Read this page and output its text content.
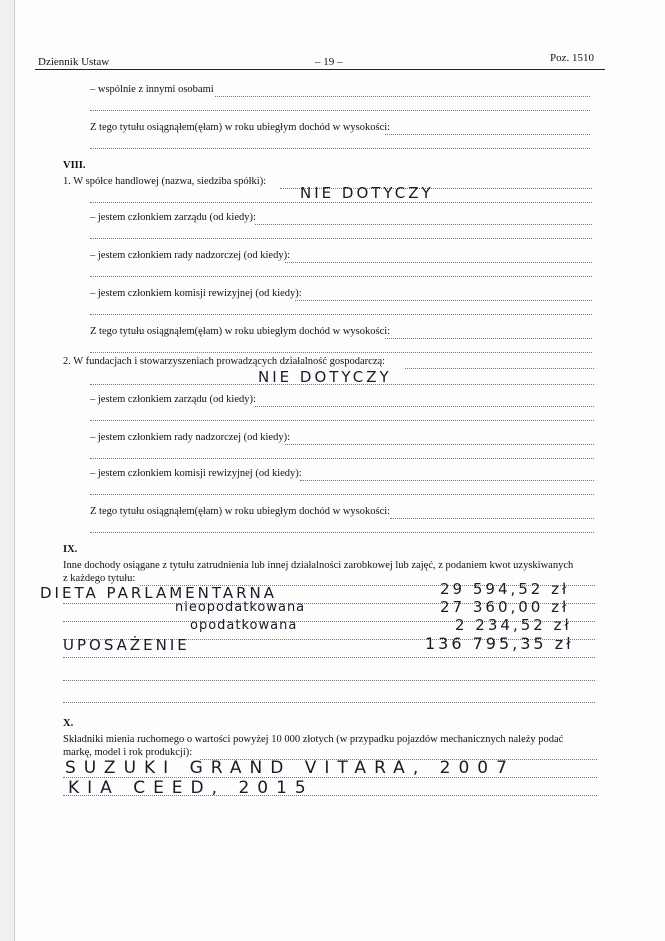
Dziennik Ustaw	– 19 –	Poz. 1510
– wspólnie z innymi osobami
Z tego tytułu osiągnąłem(ęłam) w roku ubiegłym dochód w wysokości:
VIII.
1. W spółce handlowej (nazwa, siedziba spółki):
NIE DOTYCZY
– jestem członkiem zarządu (od kiedy):
– jestem członkiem rady nadzorczej (od kiedy):
– jestem członkiem komisji rewizyjnej (od kiedy):
Z tego tytułu osiągnąłem(ęłam) w roku ubiegłym dochód w wysokości:
2. W fundacjach i stowarzyszeniach prowadzących działalność gospodarczą:
NIE DOTYCZY
– jestem członkiem zarządu (od kiedy):
– jestem członkiem rady nadzorczej (od kiedy):
– jestem członkiem komisji rewizyjnej (od kiedy):
Z tego tytułu osiągnąłem(ęłam) w roku ubiegłym dochód w wysokości:
IX.
Inne dochody osiągane z tytułu zatrudnienia lub innej działalności zarobkowej lub zajęć, z podaniem kwot uzyskiwanych
z każdego tytułu:
DIETA PARLAMENTARNA	29 594,52 zł
nieopodatkowana	27 360,00 zł
opodatkowana	2 234,52 zł
UPOSAŻENIE	136 795,35 zł
X.
Składniki mienia ruchomego o wartości powyżej 10 000 złotych (w przypadku pojazdów mechanicznych należy podać
markę, model i rok produkcji):
SUZUKI GRAND VITARA, 2007
KIA CEED, 2015
